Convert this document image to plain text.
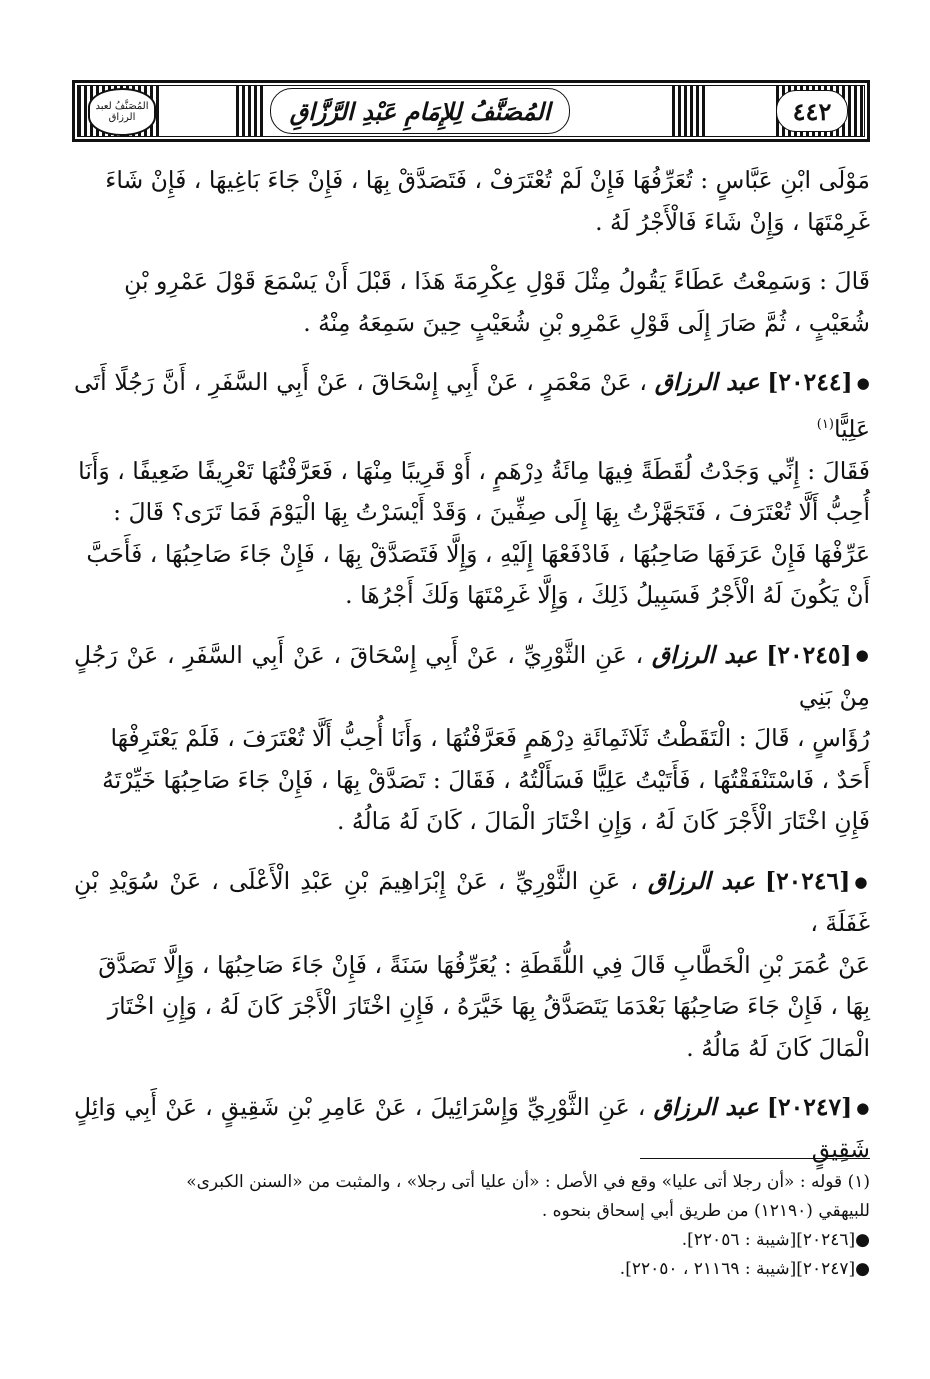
المُصَنَّفُ لعبد الرزاق	المُصَنَّفُ لِلإِمَامِ عَبْدِ الرَّزَّاقِ	٤٤٢

مَوْلَى ابْنِ عَبَّاسٍ : تُعَرِّفُهَا فَإِنْ لَمْ تُعْتَرَفْ ، فَتَصَدَّقْ بِهَا ، فَإِنْ جَاءَ بَاغِيهَا ، فَإِنْ شَاءَ
غَرِمْتَهَا ، وَإِنْ شَاءَ فَالْأَجْرُ لَهُ .

قَالَ : وَسَمِعْتُ عَطَاءً يَقُولُ مِثْلَ قَوْلِ عِكْرِمَةَ هَذَا ، قَبْلَ أَنْ يَسْمَعَ قَوْلَ عَمْرِو بْنِ
شُعَيْبٍ ، ثُمَّ صَارَ إِلَى قَوْلِ عَمْرِو بْنِ شُعَيْبٍ حِينَ سَمِعَهُ مِنْهُ .

●[٢٠٢٤٤] عبد الرزاق ، عَنْ مَعْمَرٍ ، عَنْ أَبِي إِسْحَاقَ ، عَنْ أَبِي السَّفَرِ ، أَنَّ رَجُلًا أَتَى عَلِيًّا$^{(١)}$
فَقَالَ : إِنِّي وَجَدْتُ لُقَطَةً فِيهَا مِائَةُ دِرْهَمٍ ، أَوْ قَرِيبًا مِنْهَا ، فَعَرَّفْتُهَا تَعْرِيفًا ضَعِيفًا ، وَأَنَا
أُحِبُّ أَلَّا تُعْتَرَفَ ، فَتَجَهَّزْتُ بِهَا إِلَى صِفِّينَ ، وَقَدْ أَيْسَرْتُ بِهَا الْيَوْمَ فَمَا تَرَى؟ قَالَ :
عَرِّفْهَا فَإِنْ عَرَفَهَا صَاحِبُهَا ، فَادْفَعْهَا إِلَيْهِ ، وَإِلَّا فَتَصَدَّقْ بِهَا ، فَإِنْ جَاءَ صَاحِبُهَا ، فَأَحَبَّ
أَنْ يَكُونَ لَهُ الْأَجْرُ فَسَبِيلُ ذَلِكَ ، وَإِلَّا غَرِمْتَهَا وَلَكَ أَجْرُهَا .

●[٢٠٢٤٥] عبد الرزاق ، عَنِ الثَّوْرِيِّ ، عَنْ أَبِي إِسْحَاقَ ، عَنْ أَبِي السَّفَرِ ، عَنْ رَجُلٍ مِنْ بَنِي
رُؤَاسٍ ، قَالَ : الْتَقَطْتُ ثَلَاثَمِائَةِ دِرْهَمٍ فَعَرَّفْتُهَا ، وَأَنَا أُحِبُّ أَلَّا تُعْتَرَفَ ، فَلَمْ يَعْتَرِفْهَا
أَحَدٌ ، فَاسْتَنْفَقْتُهَا ، فَأَتَيْتُ عَلِيًّا فَسَأَلْتُهُ ، فَقَالَ : تَصَدَّقْ بِهَا ، فَإِنْ جَاءَ صَاحِبُهَا خَيِّرْتَهُ
فَإِنِ اخْتَارَ الْأَجْرَ كَانَ لَهُ ، وَإِنِ اخْتَارَ الْمَالَ ، كَانَ لَهُ مَالُهُ .

●[٢٠٢٤٦] عبد الرزاق ، عَنِ الثَّوْرِيِّ ، عَنْ إِبْرَاهِيمَ بْنِ عَبْدِ الْأَعْلَى ، عَنْ سُوَيْدِ بْنِ غَفَلَةَ ،
عَنْ عُمَرَ بْنِ الْخَطَّابِ قَالَ فِي اللُّقَطَةِ : يُعَرِّفُهَا سَنَةً ، فَإِنْ جَاءَ صَاحِبُهَا ، وَإِلَّا تَصَدَّقَ
بِهَا ، فَإِنْ جَاءَ صَاحِبُهَا بَعْدَمَا يَتَصَدَّقُ بِهَا خَيَّرَهُ ، فَإِنِ اخْتَارَ الْأَجْرَ كَانَ لَهُ ، وَإِنِ اخْتَارَ
الْمَالَ كَانَ لَهُ مَالُهُ .

●[٢٠٢٤٧] عبد الرزاق ، عَنِ الثَّوْرِيِّ وَإِسْرَائِيلَ ، عَنْ عَامِرِ بْنِ شَقِيقٍ ، عَنْ أَبِي وَائِلٍ شَقِيقٍ

(١) قوله : «أن رجلا أتى عليا» وقع في الأصل : «أن عليا أتى رجلا» ، والمثبت من «السنن الكبرى»
للبيهقي (١٢١٩٠) من طريق أبي إسحاق بنحوه .

●[٢٠٢٤٦][شيبة : ٢٢٠٥٦].

●[٢٠٢٤٧][شيبة : ٢١١٦٩ ، ٢٢٠٥٠].
